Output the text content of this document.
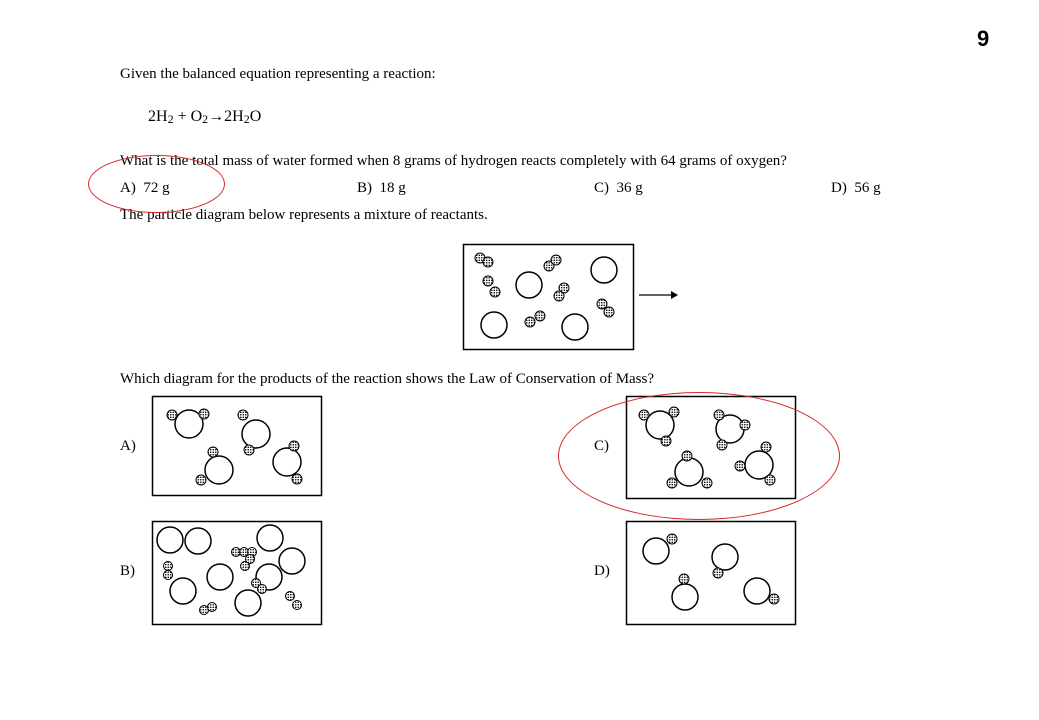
9
Given the balanced equation representing a reaction:
$2H_2 + O_2\to 2H_2O$
What is the total mass of water formed when 8 grams of hydrogen reacts completely with 64 grams of oxygen?
A) 72 g	B) 18 g	C) 36 g	D) 56 g
The particle diagram below represents a mixture of reactants.
Which diagram for the products of the reaction shows the Law of Conservation of Mass?
A)
B)
C)
D)
